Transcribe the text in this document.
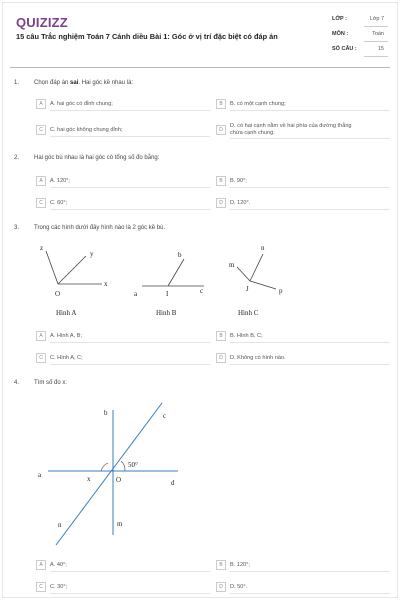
QUIZIZZ
15 câu Trắc nghiệm Toán 7 Cánh diều Bài 1: Góc ở vị trí đặc biệt có đáp án
LỚP :	Lớp 7
MÔN :	Toán
SỐ CÂU :	15
1. Chọn đáp án sai. Hai góc kề nhau là:
A	A. hai góc có đỉnh chung;	B	B. có một cạnh chung;
C	C. hai góc không chung đỉnh;	D
D. có hai cạnh nằm về hai phía của đường thẳng
chứa cạnh chung.
2. Hai góc bù nhau là hai góc có tổng số đo bằng:
A	A. 120°;	B	B. 90°;
C	C. 60°;	D	D. 120°.
3. Trong các hình dưới đây hình nào là 2 góc kề bù.
z
y
x
O
Hình A
b
a	I	c
Hình B
n
m
J	p
Hình C
A	A. Hình A, B;	B	B. Hình B, C;
C	C. Hình A, C;	D	D. Không có hình nào.
4. Tìm số đo x:
b	c
a	x	O
50°
d
n	m
A	A. 40°;	B	B. 120°;
C	C. 30°;	D	D. 50°.
